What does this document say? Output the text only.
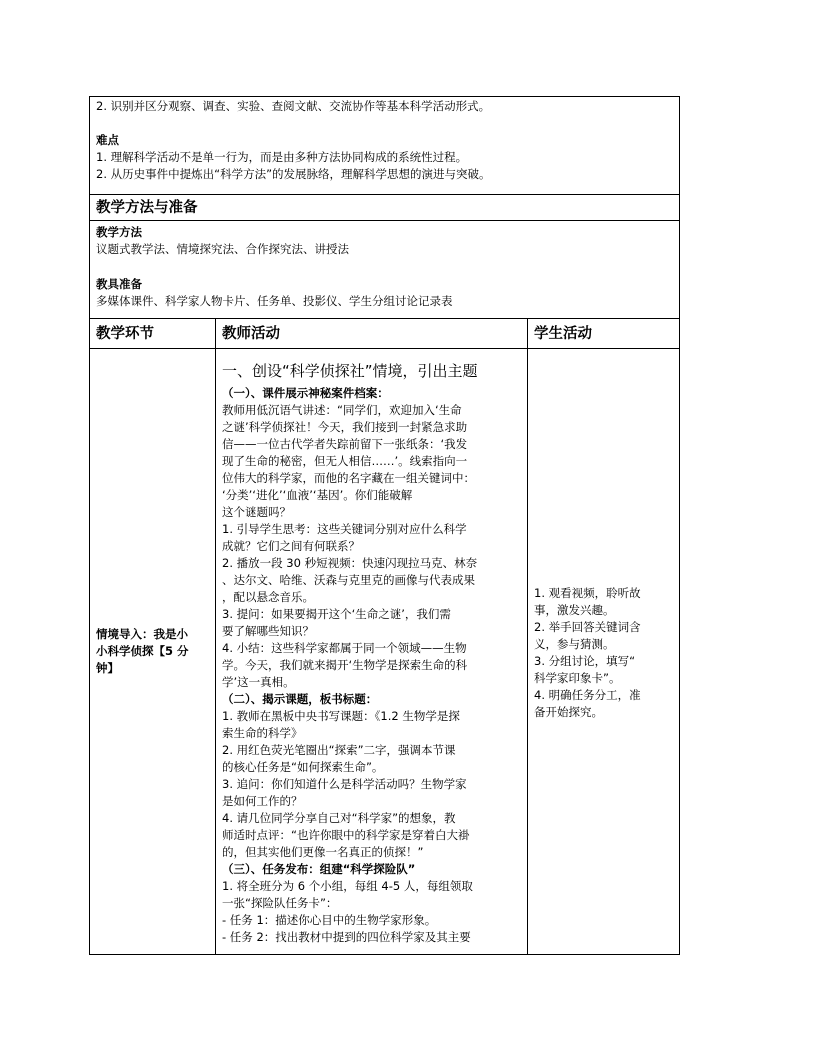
2. 识别并区分观察、调查、实验、查阅文献、交流协作等基本科学活动形式。
难点
1. 理解科学活动不是单一行为，而是由多种方法协同构成的系统性过程。
2. 从历史事件中提炼出“科学方法”的发展脉络，理解科学思想的演进与突破。
教学方法与准备
教学方法
议题式教学法、情境探究法、合作探究法、讲授法
教具准备
多媒体课件、科学家人物卡片、任务单、投影仪、学生分组讨论记录表
教学环节	教师活动	学生活动
情境导入：我是小
小科学侦探【5 分
钟】
一、创设“科学侦探社”情境，引出主题
（一）、课件展示神秘案件档案：
教师用低沉语气讲述：“同学们，欢迎加入‘生命
之谜’科学侦探社！今天，我们接到一封紧急求助
信——一位古代学者失踪前留下一张纸条：‘我发
现了生命的秘密，但无人相信……’。线索指向一
位伟大的科学家，而他的名字藏在一组关键词中：
‘分类’‘进化’‘血液’‘基因’。你们能破解
这个谜题吗？
1. 引导学生思考：这些关键词分别对应什么科学
成就？它们之间有何联系？
2. 播放一段 30 秒短视频：快速闪现拉马克、林奈
、达尔文、哈维、沃森与克里克的画像与代表成果
，配以悬念音乐。
3. 提问：如果要揭开这个‘生命之谜’，我们需
要了解哪些知识？
4. 小结：这些科学家都属于同一个领域——生物
学。今天，我们就来揭开‘生物学是探索生命的科
学’这一真相。
（二）、揭示课题，板书标题：
1. 教师在黑板中央书写课题：《1.2 生物学是探
索生命的科学》
2. 用红色荧光笔圈出“探索”二字，强调本节课
的核心任务是“如何探索生命”。
3. 追问：你们知道什么是科学活动吗？生物学家
是如何工作的？
4. 请几位同学分享自己对“科学家”的想象，教
师适时点评：“也许你眼中的科学家是穿着白大褂
的，但其实他们更像一名真正的侦探！”
（三）、任务发布：组建“科学探险队”
1. 将全班分为 6 个小组，每组 4-5 人，每组领取
一张“探险队任务卡”：
- 任务 1：描述你心目中的生物学家形象。
- 任务 2：找出教材中提到的四位科学家及其主要
1. 观看视频，聆听故
事，激发兴趣。
2. 举手回答关键词含
义，参与猜测。
3. 分组讨论，填写“
科学家印象卡”。
4. 明确任务分工，准
备开始探究。
